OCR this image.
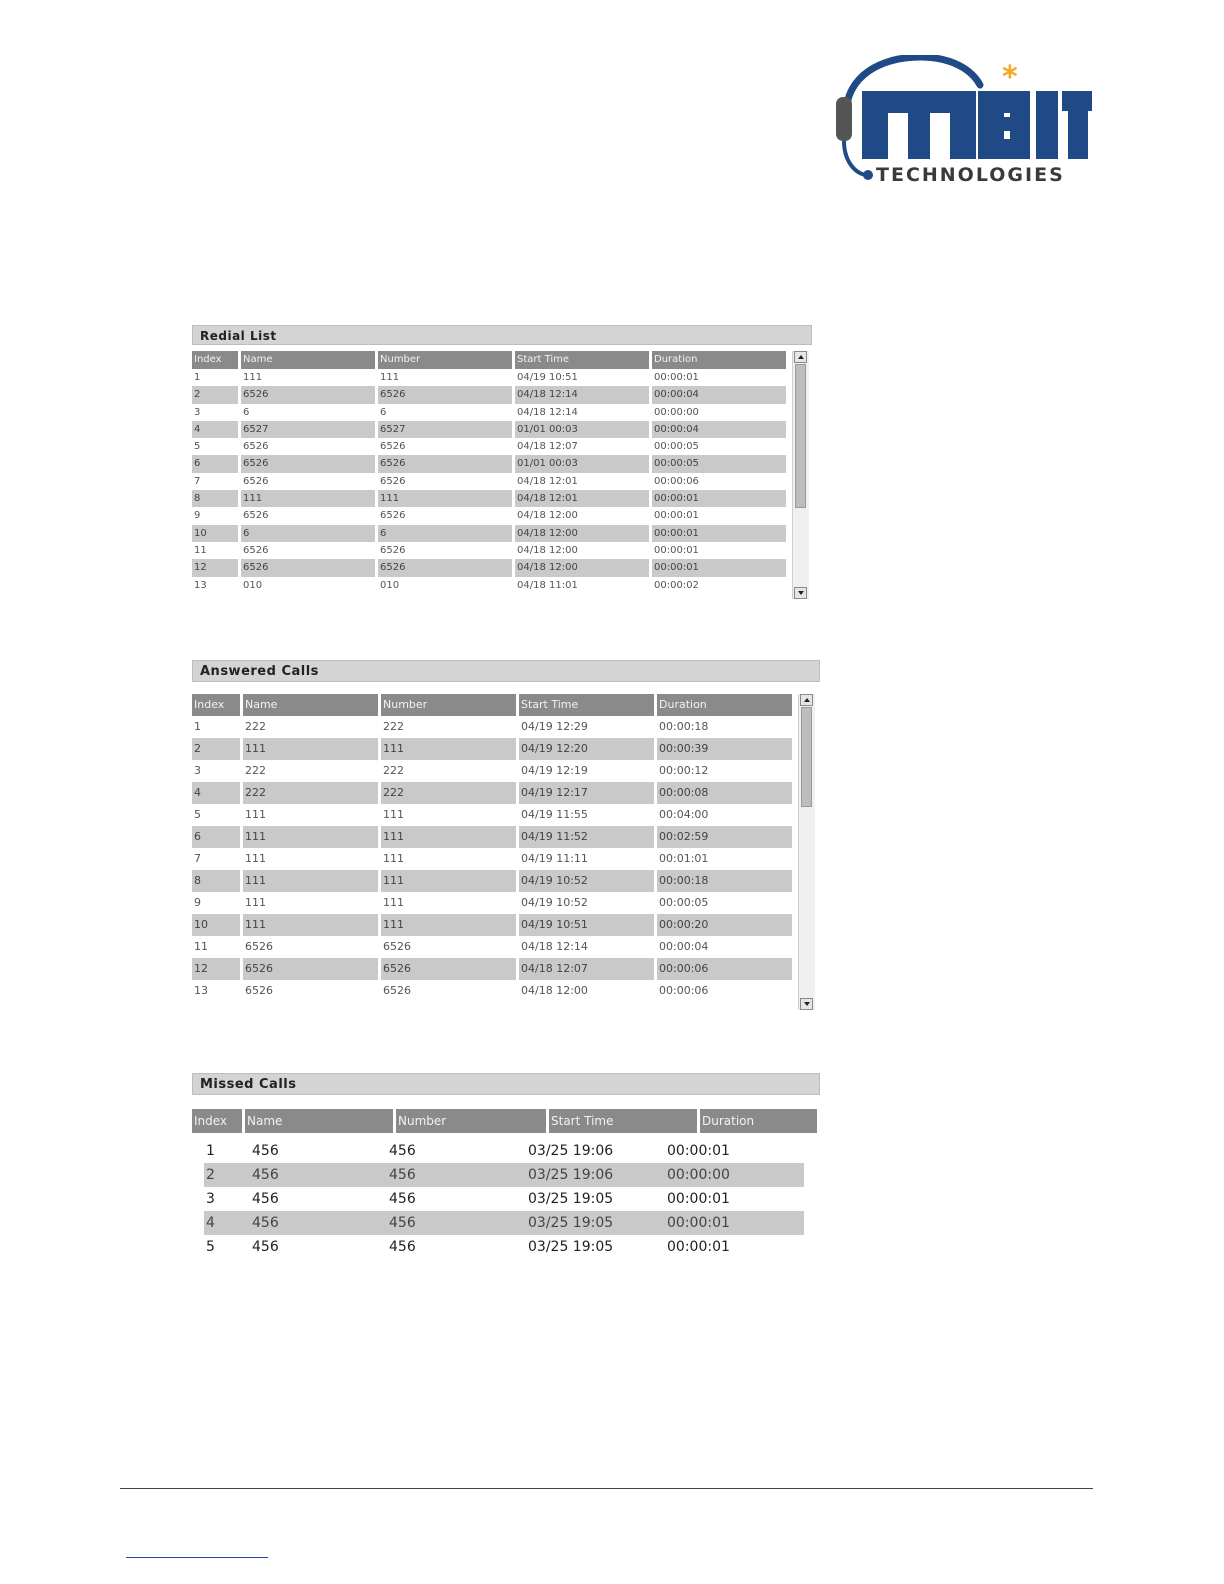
*
TECHNOLOGIES
Redial List
Index	Name	Number	Start Time	Duration
1	111	111	04/19 10:51	00:00:01
2	6526	6526	04/18 12:14	00:00:04
3	6	6	04/18 12:14	00:00:00
4	6527	6527	01/01 00:03	00:00:04
5	6526	6526	04/18 12:07	00:00:05
6	6526	6526	01/01 00:03	00:00:05
7	6526	6526	04/18 12:01	00:00:06
8	111	111	04/18 12:01	00:00:01
9	6526	6526	04/18 12:00	00:00:01
10	6	6	04/18 12:00	00:00:01
11	6526	6526	04/18 12:00	00:00:01
12	6526	6526	04/18 12:00	00:00:01
13	010	010	04/18 11:01	00:00:02
Answered Calls
Index	Name	Number	Start Time	Duration
1	222	222	04/19 12:29	00:00:18
2	111	111	04/19 12:20	00:00:39
3	222	222	04/19 12:19	00:00:12
4	222	222	04/19 12:17	00:00:08
5	111	111	04/19 11:55	00:04:00
6	111	111	04/19 11:52	00:02:59
7	111	111	04/19 11:11	00:01:01
8	111	111	04/19 10:52	00:00:18
9	111	111	04/19 10:52	00:00:05
10	111	111	04/19 10:51	00:00:20
11	6526	6526	04/18 12:14	00:00:04
12	6526	6526	04/18 12:07	00:00:06
13	6526	6526	04/18 12:00	00:00:06
Missed Calls
Index	Name	Number	Start Time	Duration
1	456	456	03/25 19:06	00:00:01
2	456	456	03/25 19:06	00:00:00
3	456	456	03/25 19:05	00:00:01
4	456	456	03/25 19:05	00:00:01
5	456	456	03/25 19:05	00:00:01
